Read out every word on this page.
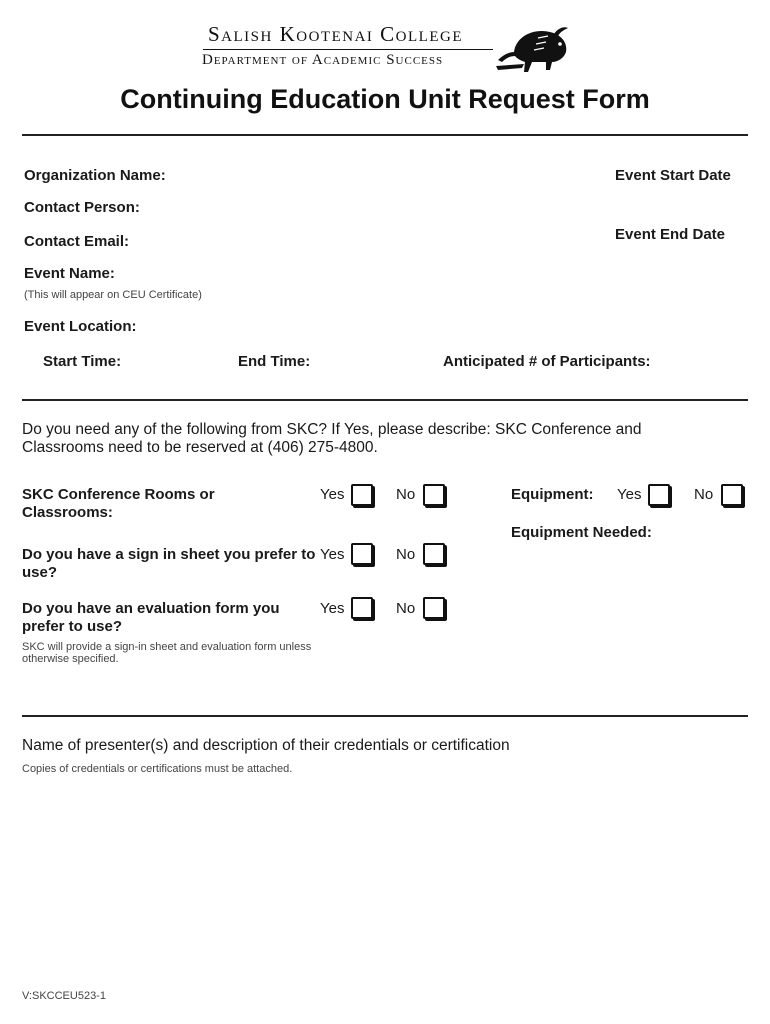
Salish Kootenai College
Department of Academic Success
Continuing Education Unit Request Form
Organization Name:
Contact Person:
Contact Email:
Event Name:
(This will appear on CEU Certificate)
Event Location:
Start Time:	End Time:	Anticipated # of Participants:
Event Start Date
Event End Date
Do you need any of the following from SKC? If Yes, please describe: SKC Conference and
Classrooms need to be reserved at (406) 275-4800.
SKC Conference Rooms or Classrooms:
Yes	No
Do you have a sign in sheet you prefer to use?
Yes	No
Do you have an evaluation form you prefer to use?
SKC will provide a sign-in sheet and evaluation form unless otherwise specified.
Yes	No
Equipment: Yes	No
Equipment Needed:
Name of presenter(s) and description of their credentials or certification
Copies of credentials or certifications must be attached.
V:SKCCEU523-1
